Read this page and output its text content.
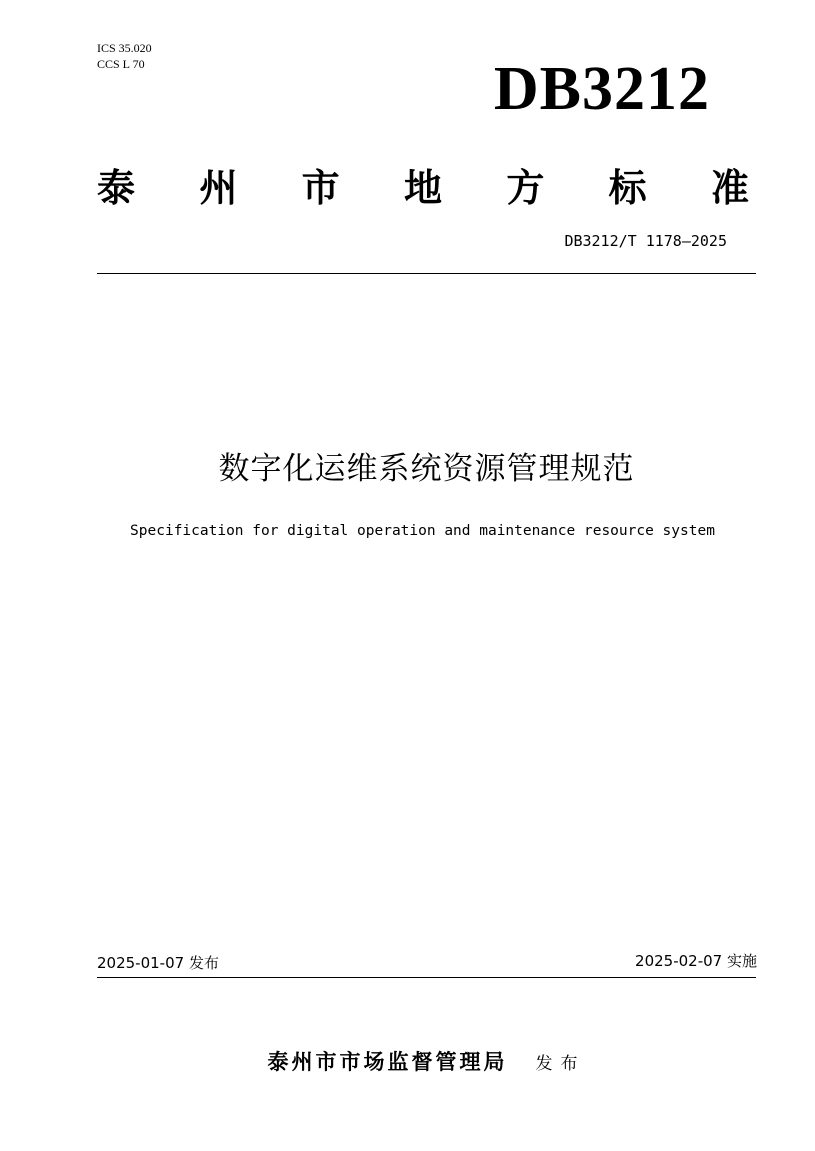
ICS 35.020
CCS L 70	DB3212
泰 州 市 地 方 标 准
DB3212/T 1178—2025
数字化运维系统资源管理规范
Specification for digital operation and maintenance resource system
2025-01-07 发布	2025-02-07 实施
泰州市市场监督管理局 发布
